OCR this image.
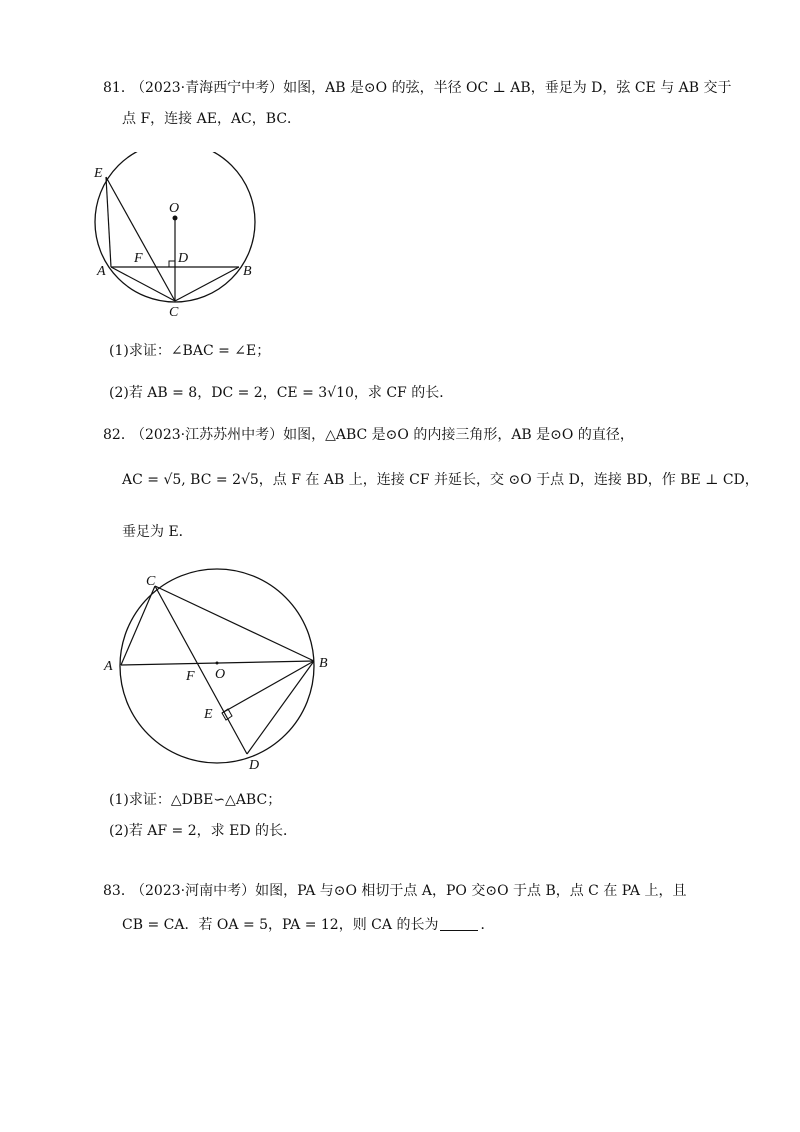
81．
（2023·青海西宁中考）如图，AB 是⊙O 的弦，半径 OC ⊥ AB，垂足为 D，弦 CE 与 AB 交于
点 F，连接 AE，AC，BC．
E
O
F	D
A	B
C
(1)求证：∠BAC = ∠E；
(2)若 AB = 8，DC = 2，CE = 3√10，求 CF 的长．
82．
（2023·江苏苏州中考）如图，△ABC 是⊙O 的内接三角形，AB 是⊙O 的直径，
AC = √5, BC = 2√5，点 F 在 AB 上，连接 CF 并延长，交 ⊙O 于点 D，连接 BD，作 BE ⊥ CD，
垂足为 E．
C
A	B
F O
E
D
(1)求证：△DBE∽△ABC；
(2)若 AF = 2，求 ED 的长．
83．
（2023·河南中考）如图，PA 与⊙O 相切于点 A，PO 交⊙O 于点 B，点 C 在 PA 上，且
CB = CA．若 OA = 5，PA = 12，则 CA 的长为	．
